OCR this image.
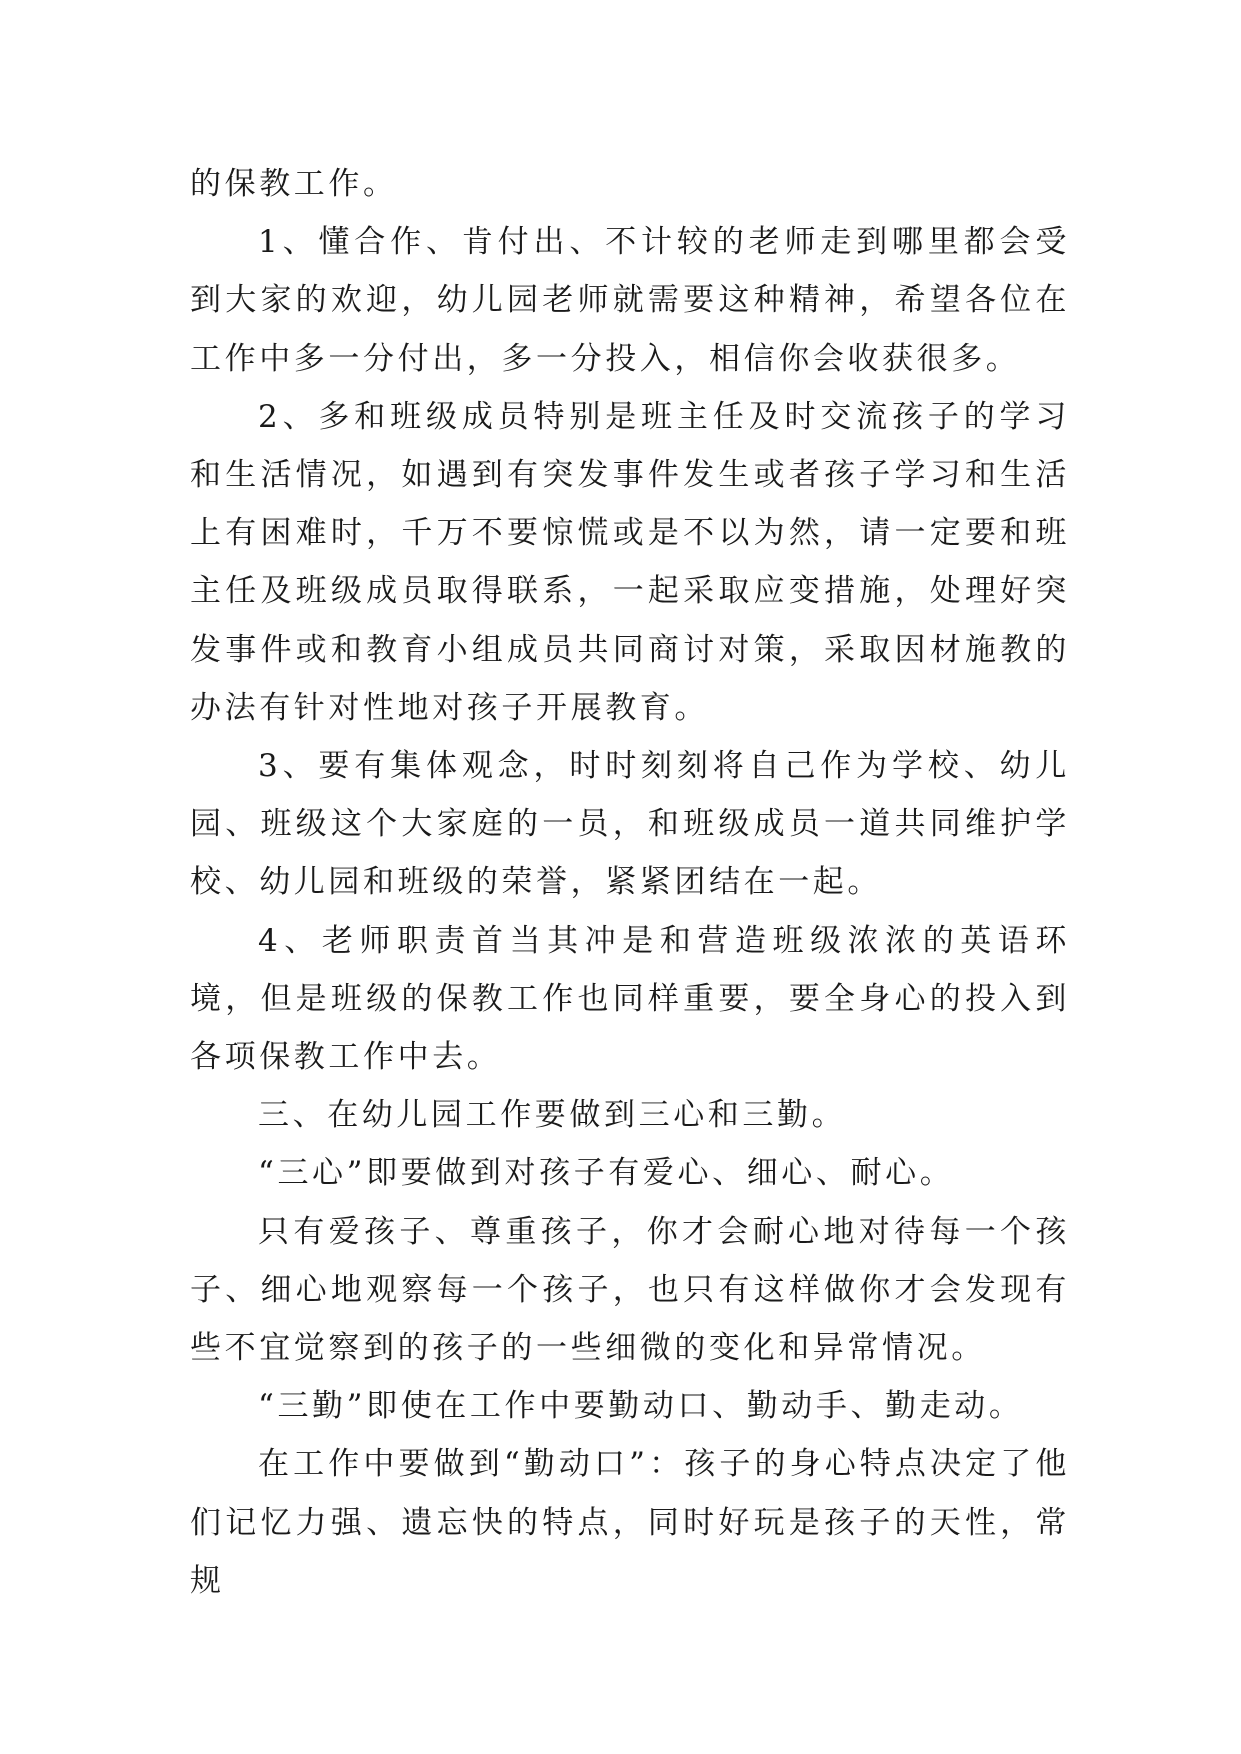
的保教工作。

1、懂合作、肯付出、不计较的老师走到哪里都会受到大家的欢迎，幼儿园老师就需要这种精神，希望各位在工作中多一分付出，多一分投入，相信你会收获很多。

2、多和班级成员特别是班主任及时交流孩子的学习和生活情况，如遇到有突发事件发生或者孩子学习和生活上有困难时，千万不要惊慌或是不以为然，请一定要和班主任及班级成员取得联系，一起采取应变措施，处理好突发事件或和教育小组成员共同商讨对策，采取因材施教的办法有针对性地对孩子开展教育。

3、要有集体观念，时时刻刻将自己作为学校、幼儿园、班级这个大家庭的一员，和班级成员一道共同维护学校、幼儿园和班级的荣誉，紧紧团结在一起。

4、老师职责首当其冲是和营造班级浓浓的英语环境，但是班级的保教工作也同样重要，要全身心的投入到各项保教工作中去。

三、在幼儿园工作要做到三心和三勤。

“三心”即要做到对孩子有爱心、细心、耐心。

只有爱孩子、尊重孩子，你才会耐心地对待每一个孩子、细心地观察每一个孩子，也只有这样做你才会发现有些不宜觉察到的孩子的一些细微的变化和异常情况。

“三勤”即使在工作中要勤动口、勤动手、勤走动。

在工作中要做到“勤动口”：孩子的身心特点决定了他们记忆力强、遗忘快的特点，同时好玩是孩子的天性，常规
